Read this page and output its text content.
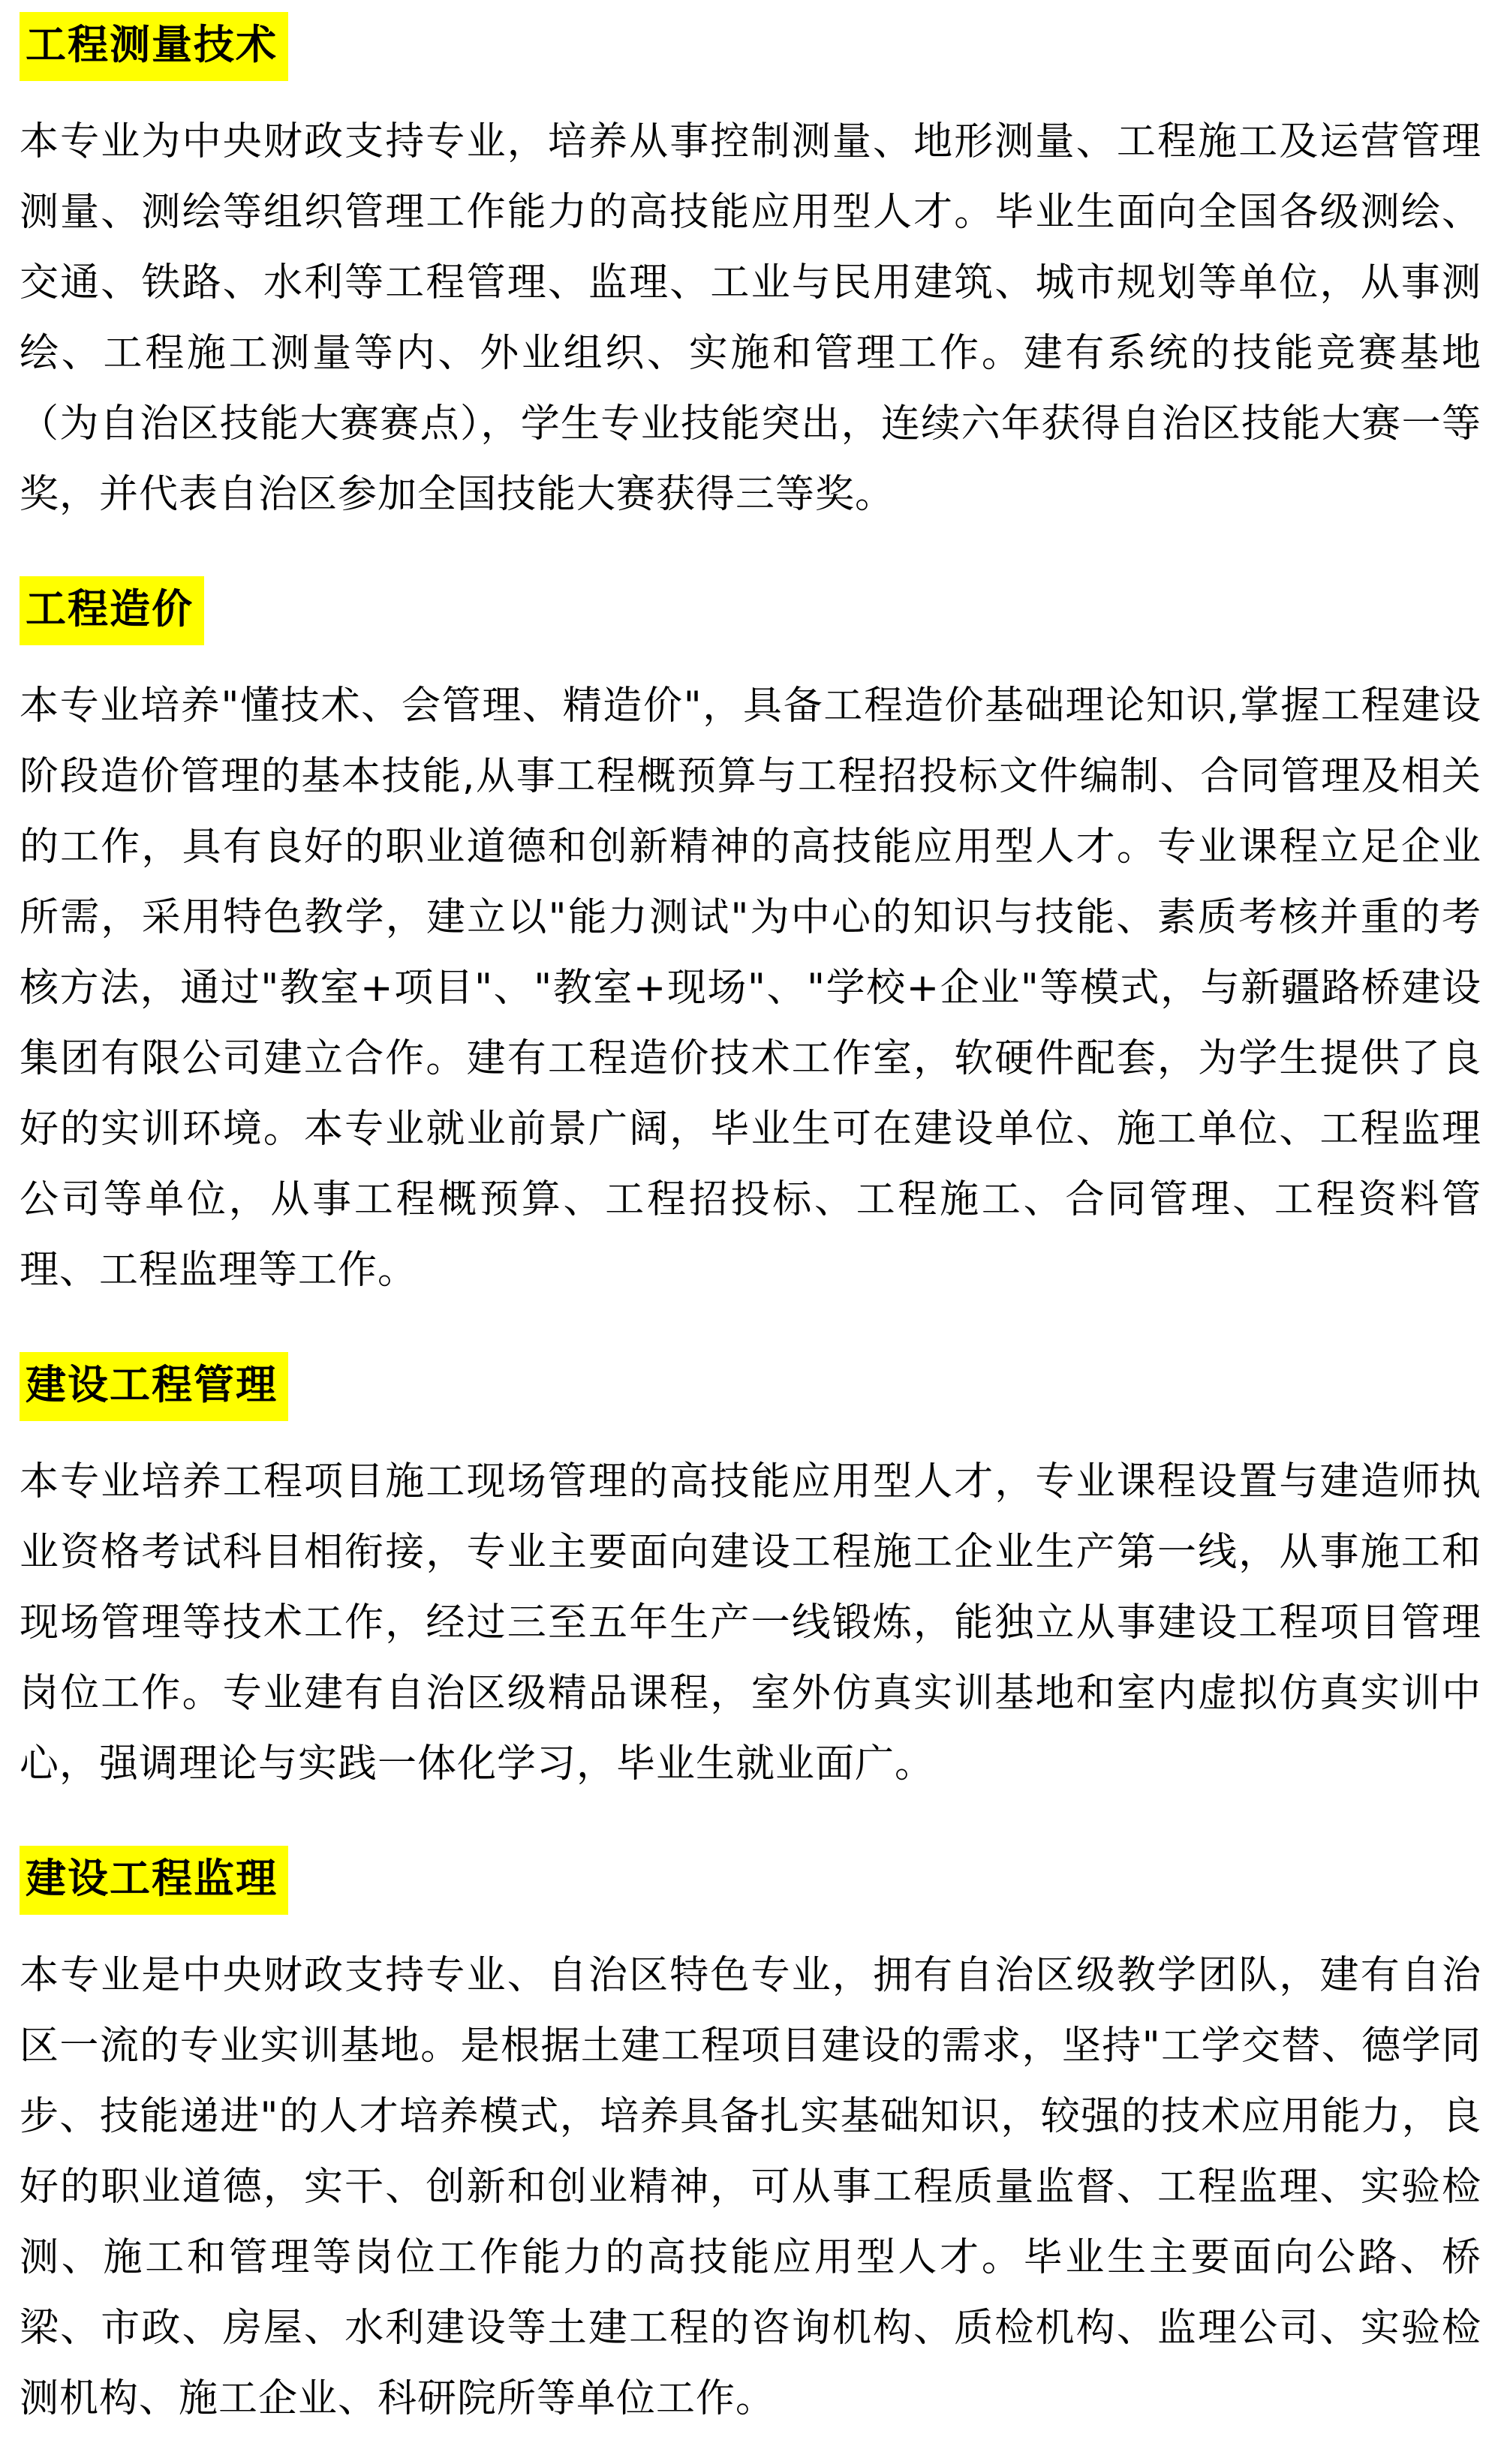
工程测量技术

本专业为中央财政支持专业，培养从事控制测量、地形测量、工程施工及运营管理测量、测绘等组织管理工作能力的高技能应用型人才。毕业生面向全国各级测绘、交通、铁路、水利等工程管理、监理、工业与民用建筑、城市规划等单位，从事测绘、工程施工测量等内、外业组织、实施和管理工作。建有系统的技能竞赛基地（为自治区技能大赛赛点），学生专业技能突出，连续六年获得自治区技能大赛一等奖，并代表自治区参加全国技能大赛获得三等奖。

工程造价

本专业培养"懂技术、会管理、精造价"，具备工程造价基础理论知识,掌握工程建设阶段造价管理的基本技能,从事工程概预算与工程招投标文件编制、合同管理及相关的工作，具有良好的职业道德和创新精神的高技能应用型人才。专业课程立足企业所需，采用特色教学，建立以"能力测试"为中心的知识与技能、素质考核并重的考核方法，通过"教室+项目"、"教室+现场"、"学校+企业"等模式，与新疆路桥建设集团有限公司建立合作。建有工程造价技术工作室，软硬件配套，为学生提供了良好的实训环境。本专业就业前景广阔，毕业生可在建设单位、施工单位、工程监理公司等单位，从事工程概预算、工程招投标、工程施工、合同管理、工程资料管理、工程监理等工作。

建设工程管理

本专业培养工程项目施工现场管理的高技能应用型人才，专业课程设置与建造师执业资格考试科目相衔接，专业主要面向建设工程施工企业生产第一线，从事施工和现场管理等技术工作，经过三至五年生产一线锻炼，能独立从事建设工程项目管理岗位工作。专业建有自治区级精品课程，室外仿真实训基地和室内虚拟仿真实训中心，强调理论与实践一体化学习，毕业生就业面广。

建设工程监理

本专业是中央财政支持专业、自治区特色专业，拥有自治区级教学团队，建有自治区一流的专业实训基地。是根据土建工程项目建设的需求，坚持"工学交替、德学同步、技能递进"的人才培养模式，培养具备扎实基础知识，较强的技术应用能力，良好的职业道德，实干、创新和创业精神，可从事工程质量监督、工程监理、实验检测、施工和管理等岗位工作能力的高技能应用型人才。毕业生主要面向公路、桥梁、市政、房屋、水利建设等土建工程的咨询机构、质检机构、监理公司、实验检测机构、施工企业、科研院所等单位工作。
